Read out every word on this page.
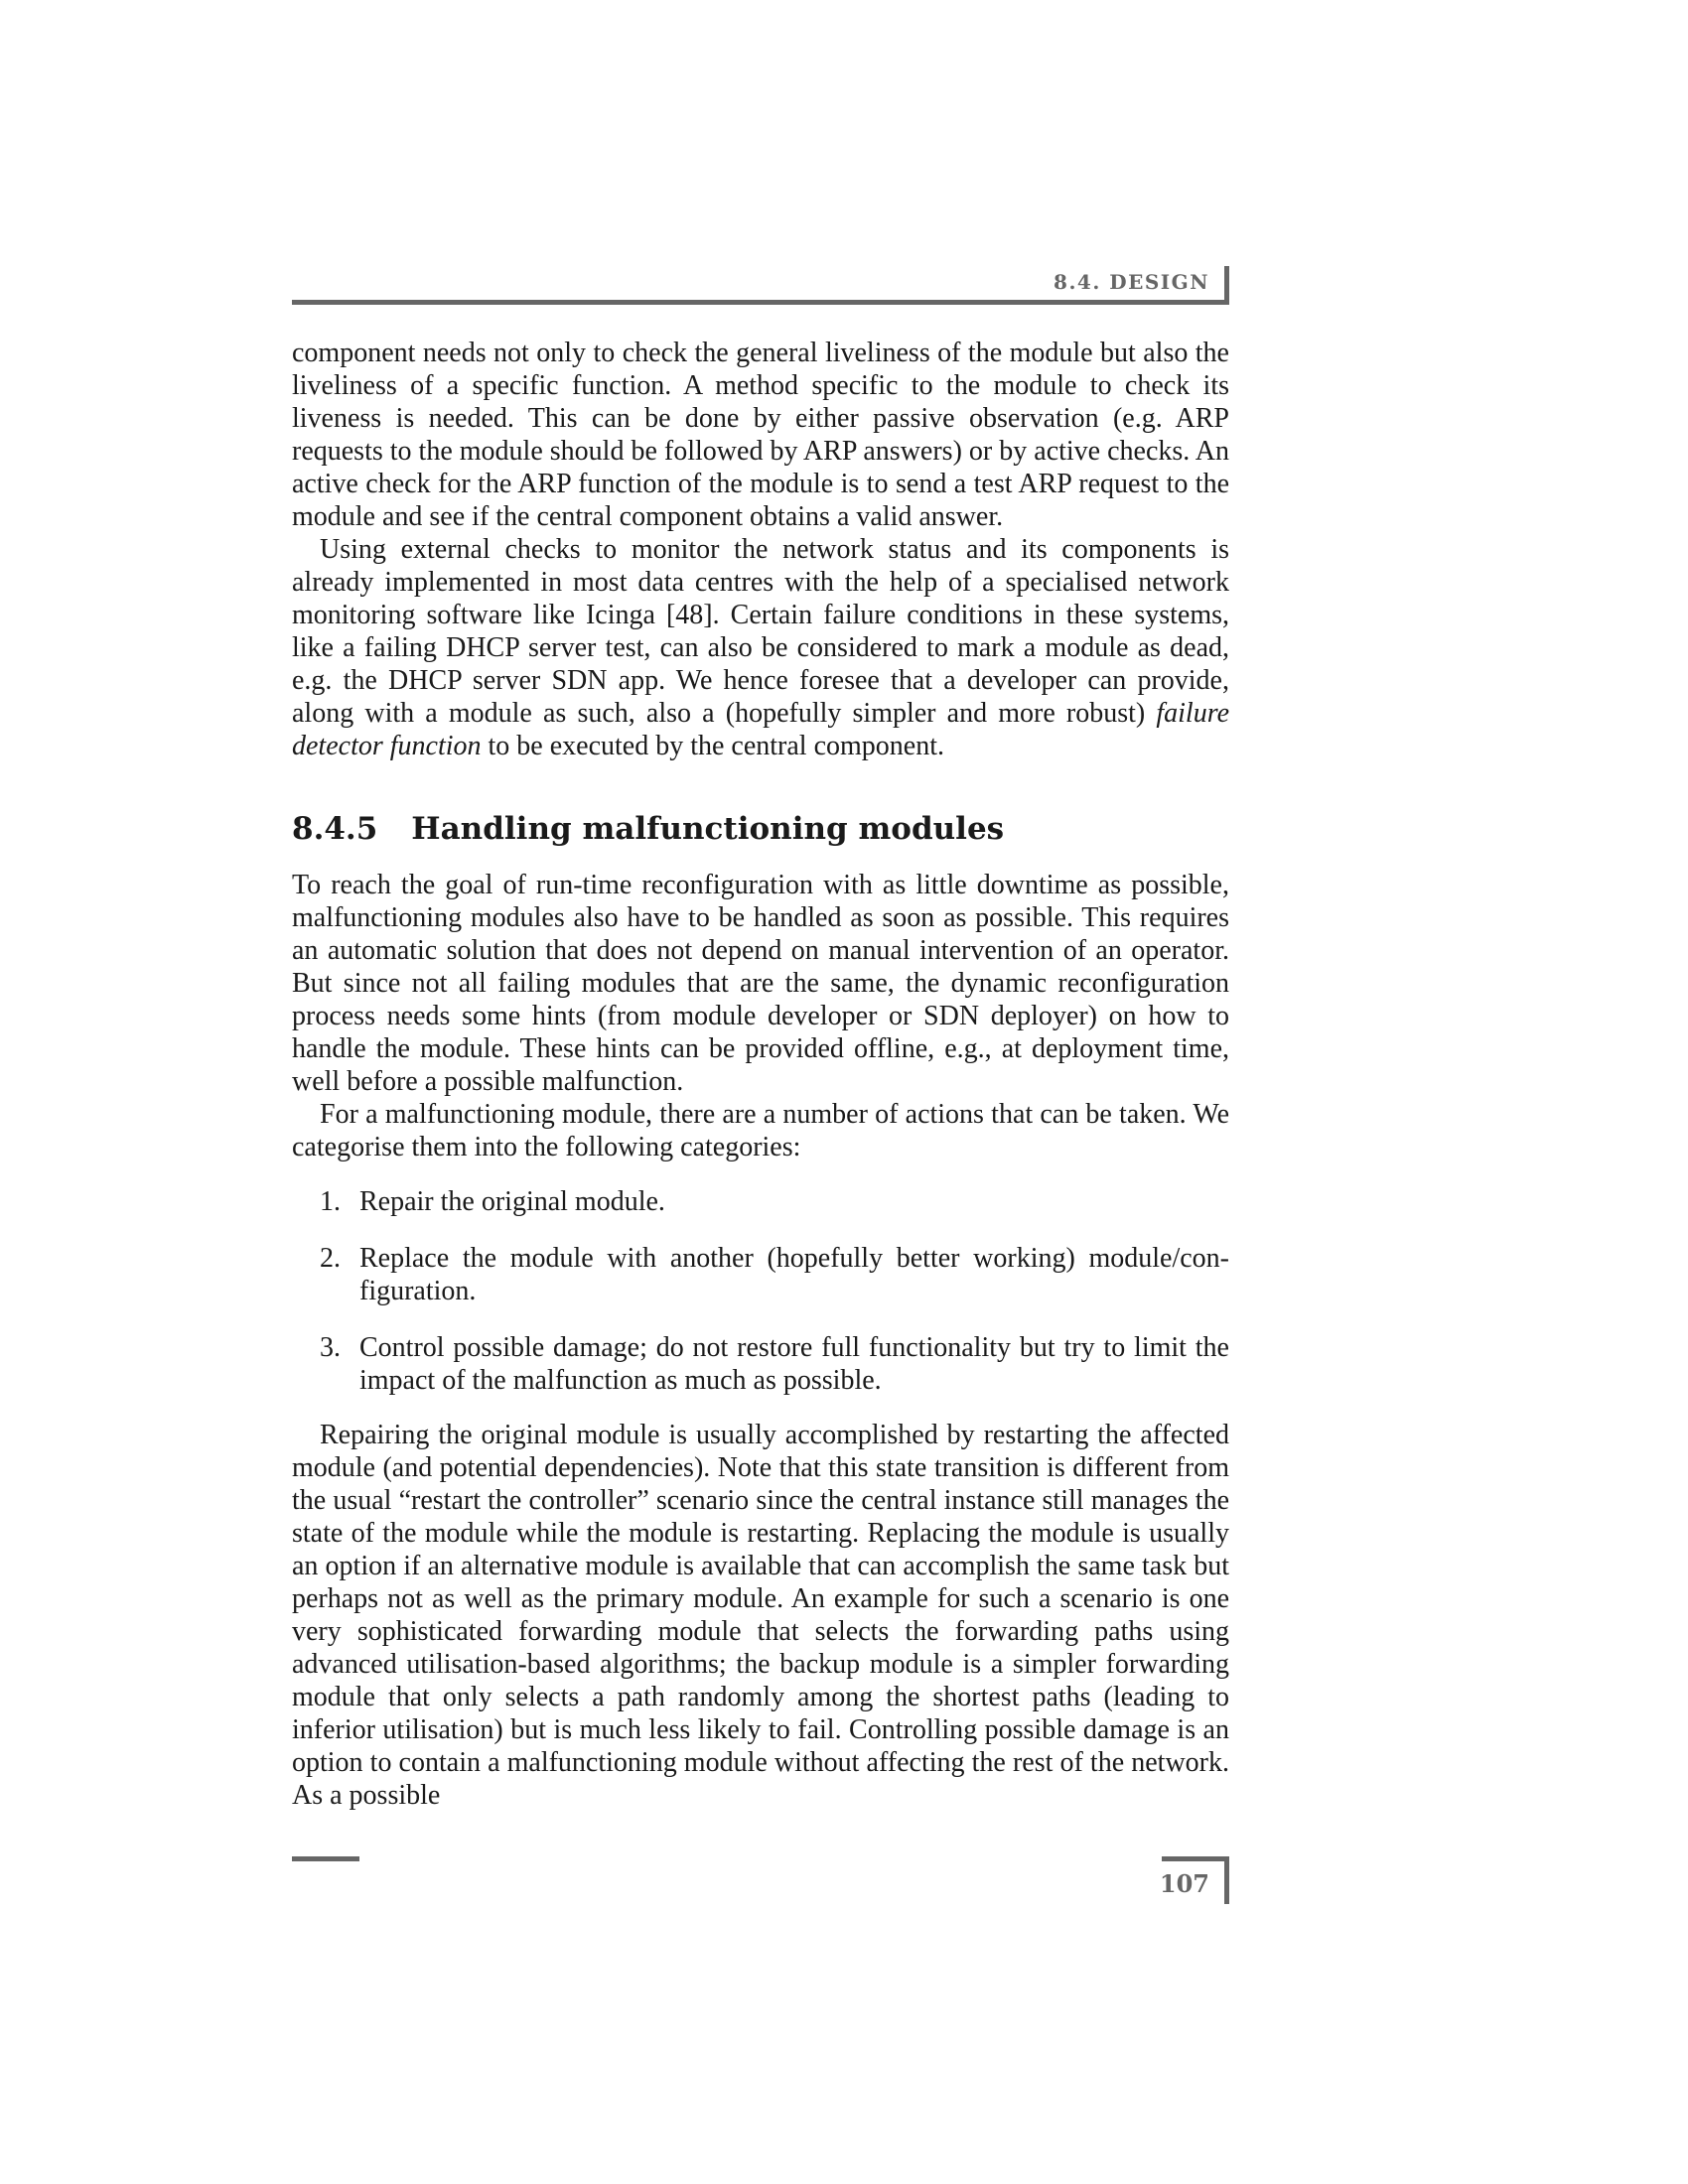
8.4. DESIGN

component needs not only to check the general liveliness of the module but also the liveliness of a specific function. A method specific to the module to check its liveness is needed. This can be done by either passive observation (e.g. ARP requests to the module should be followed by ARP answers) or by active checks. An active check for the ARP function of the module is to send a test ARP request to the module and see if the central component obtains a valid answer.

Using external checks to monitor the network status and its components is already implemented in most data centres with the help of a specialised network monitoring software like Icinga [48]. Certain failure conditions in these systems, like a failing DHCP server test, can also be considered to mark a module as dead, e.g. the DHCP server SDN app. We hence foresee that a developer can provide, along with a module as such, also a (hopefully simpler and more robust) failure detector function to be executed by the central component.

8.4.5 Handling malfunctioning modules

To reach the goal of run-time reconfiguration with as little downtime as possible, malfunctioning modules also have to be handled as soon as possible. This requires an automatic solution that does not depend on manual intervention of an operator. But since not all failing modules that are the same, the dynamic reconfiguration process needs some hints (from module developer or SDN deployer) on how to handle the module. These hints can be provided offline, e.g., at deployment time, well before a possible malfunction.

For a malfunctioning module, there are a number of actions that can be taken. We categorise them into the following categories:

1. Repair the original module.
2. Replace the module with another (hopefully better working) module/configuration.
3. Control possible damage; do not restore full functionality but try to limit the impact of the malfunction as much as possible.

Repairing the original module is usually accomplished by restarting the affected module (and potential dependencies). Note that this state transition is different from the usual “restart the controller” scenario since the central instance still manages the state of the module while the module is restarting. Replacing the module is usually an option if an alternative module is available that can accomplish the same task but perhaps not as well as the primary module. An example for such a scenario is one very sophisticated forwarding module that selects the forwarding paths using advanced utilisation-based algorithms; the backup module is a simpler forwarding module that only selects a path randomly among the shortest paths (leading to inferior utilisation) but is much less likely to fail. Controlling possible damage is an option to contain a malfunctioning module without affecting the rest of the network. As a possible

107
